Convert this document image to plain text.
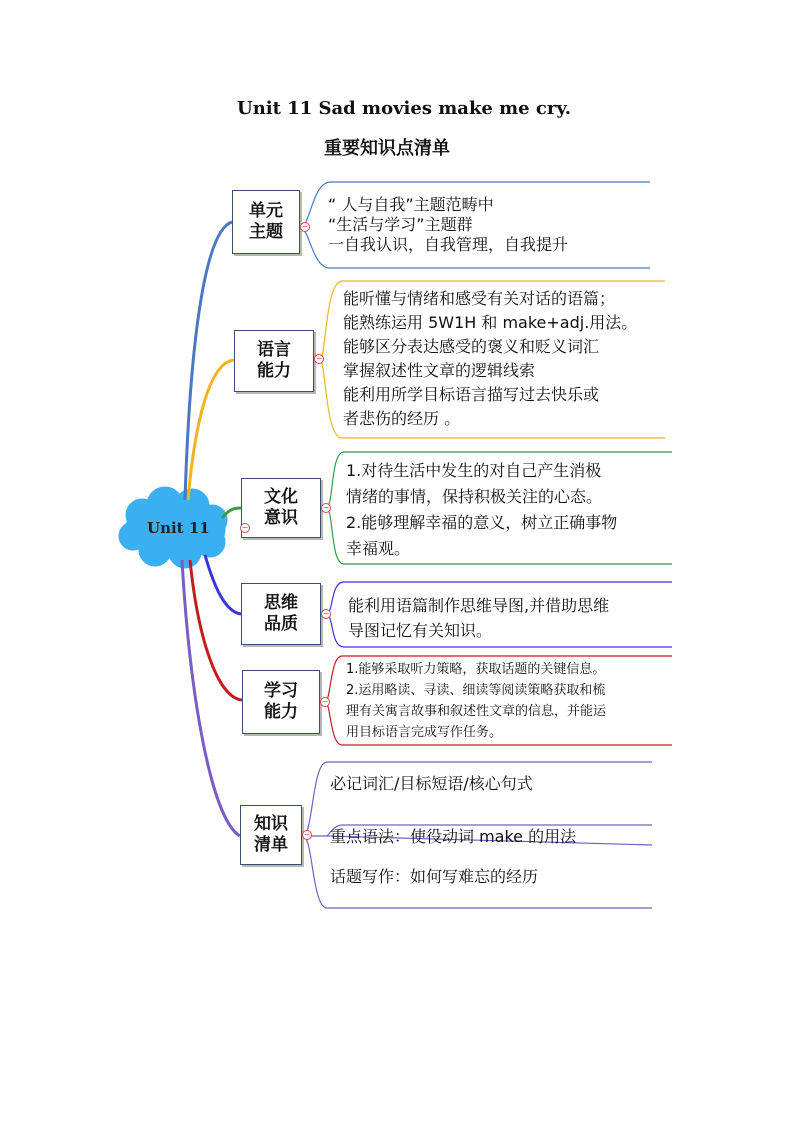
Unit 11 Sad movies make me cry.
重要知识点清单
Unit 11
单元
主题
语言
能力
文化
意识
思维
品质
学习
能力
知识
清单
−
−
−
−
−
−
−
“ 人与自我”主题范畴中
“生活与学习”主题群
一自我认识，自我管理，自我提升
能听懂与情绪和感受有关对话的语篇；
能熟练运用 5W1H 和 make+adj.用法。
能够区分表达感受的褒义和贬义词汇
掌握叙述性文章的逻辑线索
能利用所学目标语言描写过去快乐或
者悲伤的经历 。
1.对待生活中发生的对自己产生消极
情绪的事情，保持积极关注的心态。
2.能够理解幸福的意义，树立正确事物
幸福观。
能利用语篇制作思维导图,并借助思维
导图记忆有关知识。
1.能够采取听力策略，获取话题的关键信息。
2.运用略读、寻读、细读等阅读策略获取和梳
理有关寓言故事和叙述性文章的信息，并能运
用目标语言完成写作任务。
必记词汇/目标短语/核心句式
重点语法：使役动词 make 的用法
话题写作：如何写难忘的经历
